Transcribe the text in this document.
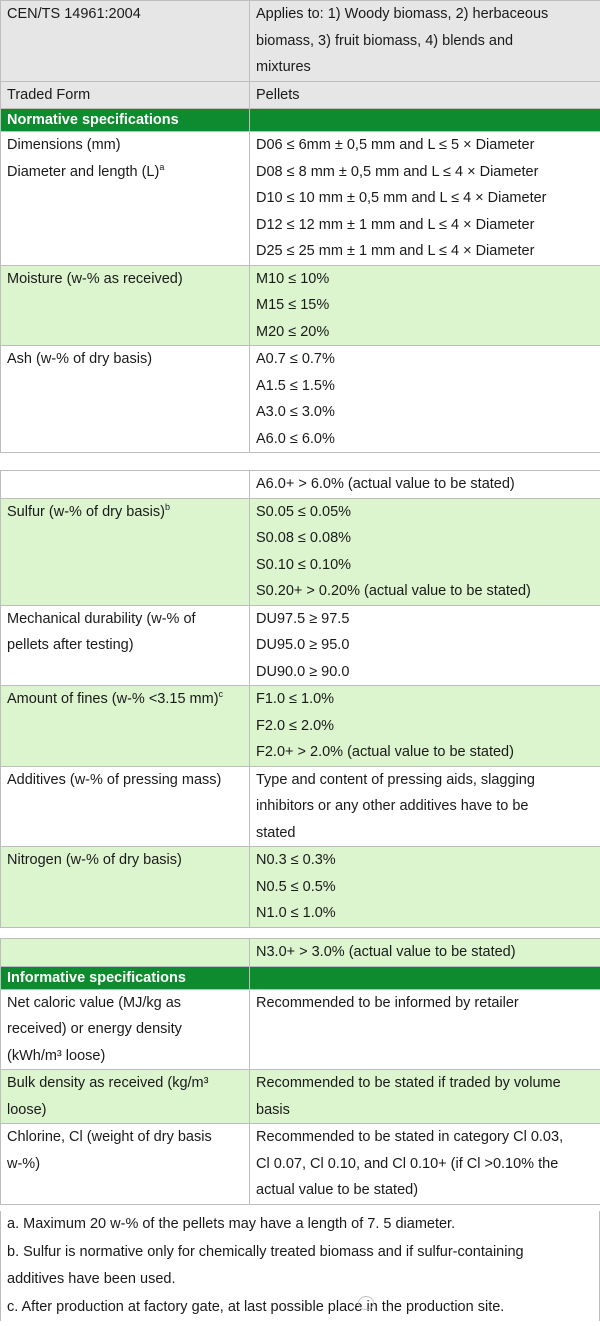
CEN/TS 14961:2004	Applies to: 1) Woody biomass, 2) herbaceous
biomass, 3) fruit biomass, 4) blends and
mixtures

Traded Form	Pellets

Normative specifications	

Dimensions (mm)
Diameter and length $(L)^a$	D06 ≤ 6mm ± 0,5 mm and L ≤ 5 × Diameter
D08 ≤ 8 mm ± 0,5 mm and L ≤ 4 × Diameter
D10 ≤ 10 mm ± 0,5 mm and L ≤ 4 × Diameter
D12 ≤ 12 mm ± 1 mm and L ≤ 4 × Diameter
D25 ≤ 25 mm ± 1 mm and L ≤ 4 × Diameter

Moisture (w-% as received)	M10 ≤ 10%
M15 ≤ 15%
M20 ≤ 20%

Ash (w-% of dry basis)	A0.7 ≤ 0.7%
A1.5 ≤ 1.5%
A3.0 ≤ 3.0%
A6.0 ≤ 6.0%

	A6.0+ > 6.0% (actual value to be stated)

Sulfur (w-% of dry basis)$^b$	S0.05 ≤ 0.05%
S0.08 ≤ 0.08%
S0.10 ≤ 0.10%
S0.20+ > 0.20% (actual value to be stated)

Mechanical durability (w-% of
pellets after testing)	DU97.5 ≥ 97.5
DU95.0 ≥ 95.0
DU90.0 ≥ 90.0

Amount of fines (w-% <3.15 mm)$^c$	F1.0 ≤ 1.0%
F2.0 ≤ 2.0%
F2.0+ > 2.0% (actual value to be stated)

Additives (w-% of pressing mass)	Type and content of pressing aids, slagging
inhibitors or any other additives have to be
stated

Nitrogen (w-% of dry basis)	N0.3 ≤ 0.3%
N0.5 ≤ 0.5%
N1.0 ≤ 1.0%

	N3.0+ > 3.0% (actual value to be stated)

Informative specifications	

Net caloric value (MJ/kg as
received) or energy density
(kWh/m³ loose)	Recommended to be informed by retailer

Bulk density as received (kg/m³
loose)	Recommended to be stated if traded by volume
basis

Chlorine, Cl (weight of dry basis
w-%)	Recommended to be stated in category Cl 0.03,
Cl 0.07, Cl 0.10, and Cl 0.10+ (if Cl >0.10% the
actual value to be stated)
a. Maximum 20 w-% of the pellets may have a length of 7. 5 diameter.
b. Sulfur is normative only for chemically treated biomass and if sulfur-containing
additives have been used.
c. After production at factory gate, at last possible place in the production site.
